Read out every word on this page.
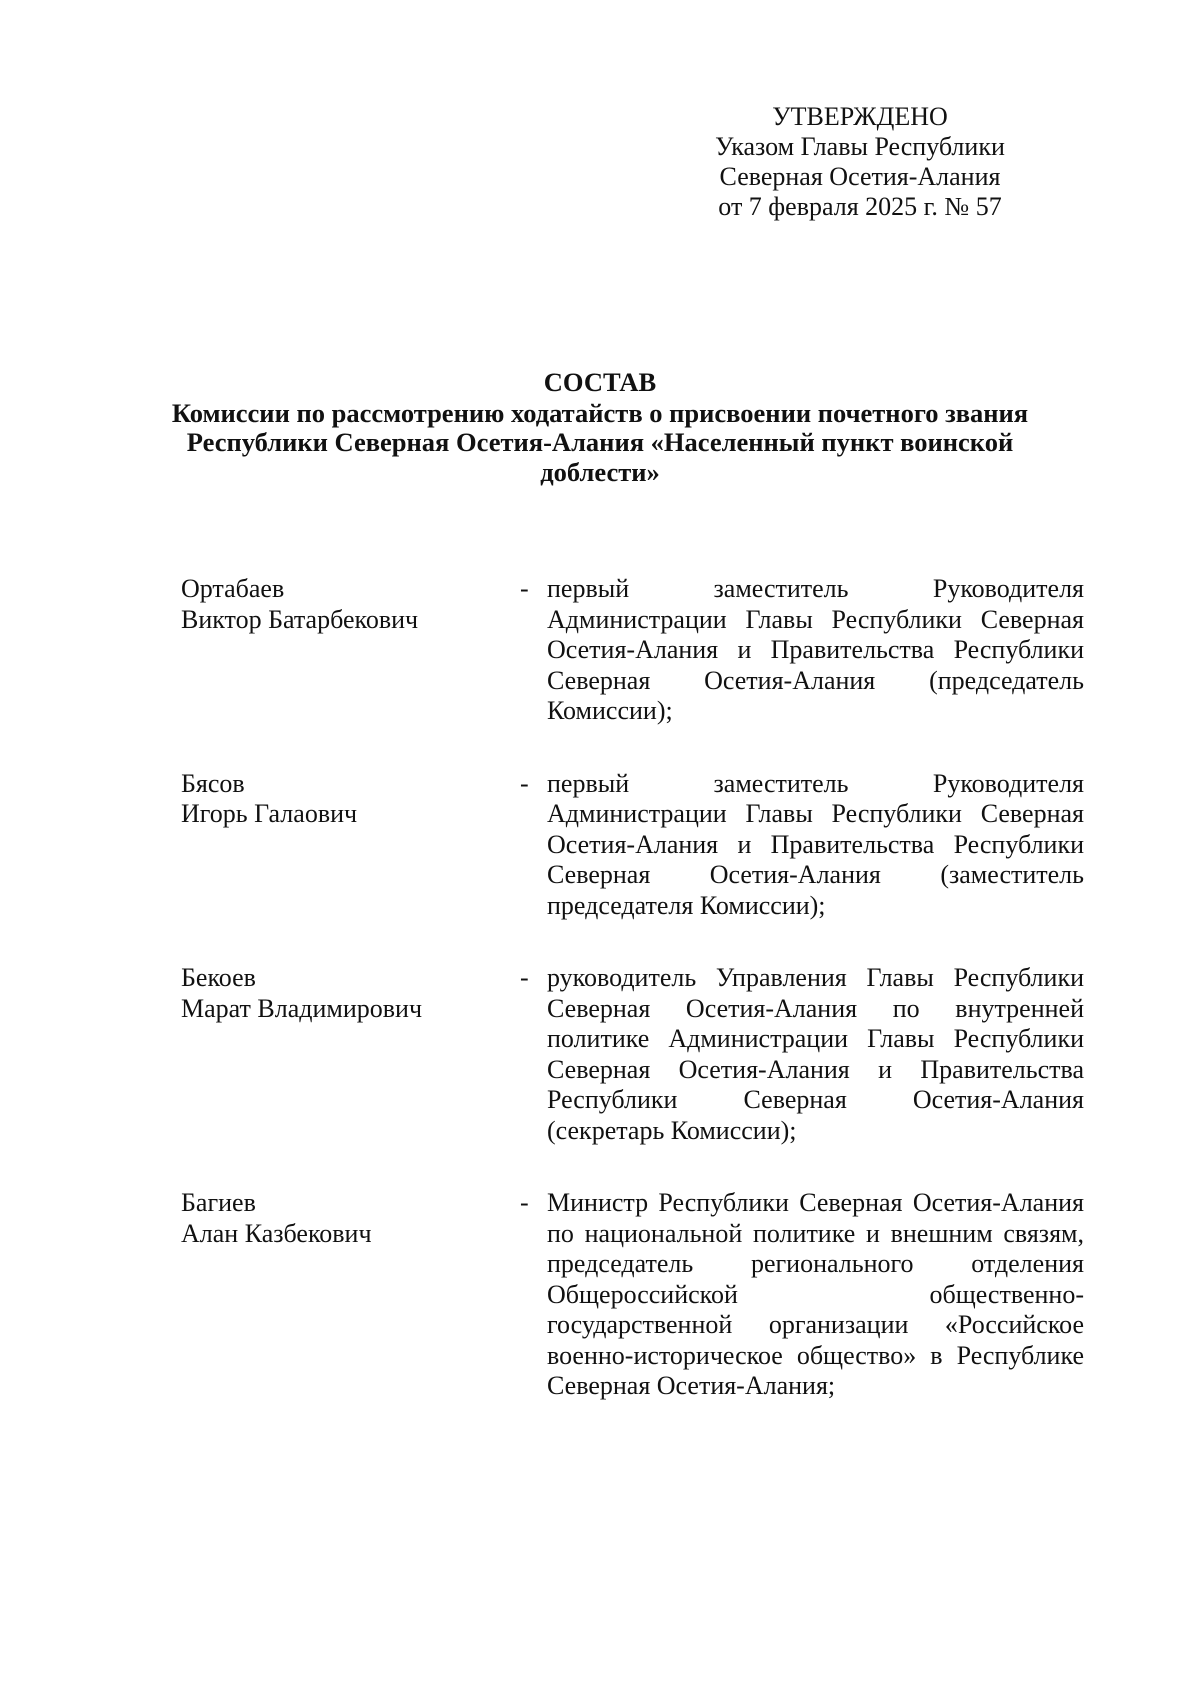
УТВЕРЖДЕНО
Указом Главы Республики
Северная Осетия-Алания
от 7 февраля 2025 г. № 57
СОСТАВ
Комиссии по рассмотрению ходатайств о присвоении почетного звания Республики Северная Осетия-Алания «Населенный пункт воинской доблести»
Ортабаев
Виктор Батарбекович
- первый заместитель Руководителя Администрации Главы Республики Северная Осетия-Алания и Правительства Республики Северная Осетия-Алания (председатель Комиссии);
Бясов
Игорь Галаович
- первый заместитель Руководителя Администрации Главы Республики Северная Осетия-Алания и Правительства Республики Северная Осетия-Алания (заместитель председателя Комиссии);
Бекоев
Марат Владимирович
- руководитель Управления Главы Республики Северная Осетия-Алания по внутренней политике Администрации Главы Республики Северная Осетия-Алания и Правительства Республики Северная Осетия-Алания (секретарь Комиссии);
Багиев
Алан Казбекович
- Министр Республики Северная Осетия-Алания по национальной политике и внешним связям, председатель регионального отделения Общероссийской общественно-государственной организации «Российское военно-историческое общество» в Республике Северная Осетия-Алания;
